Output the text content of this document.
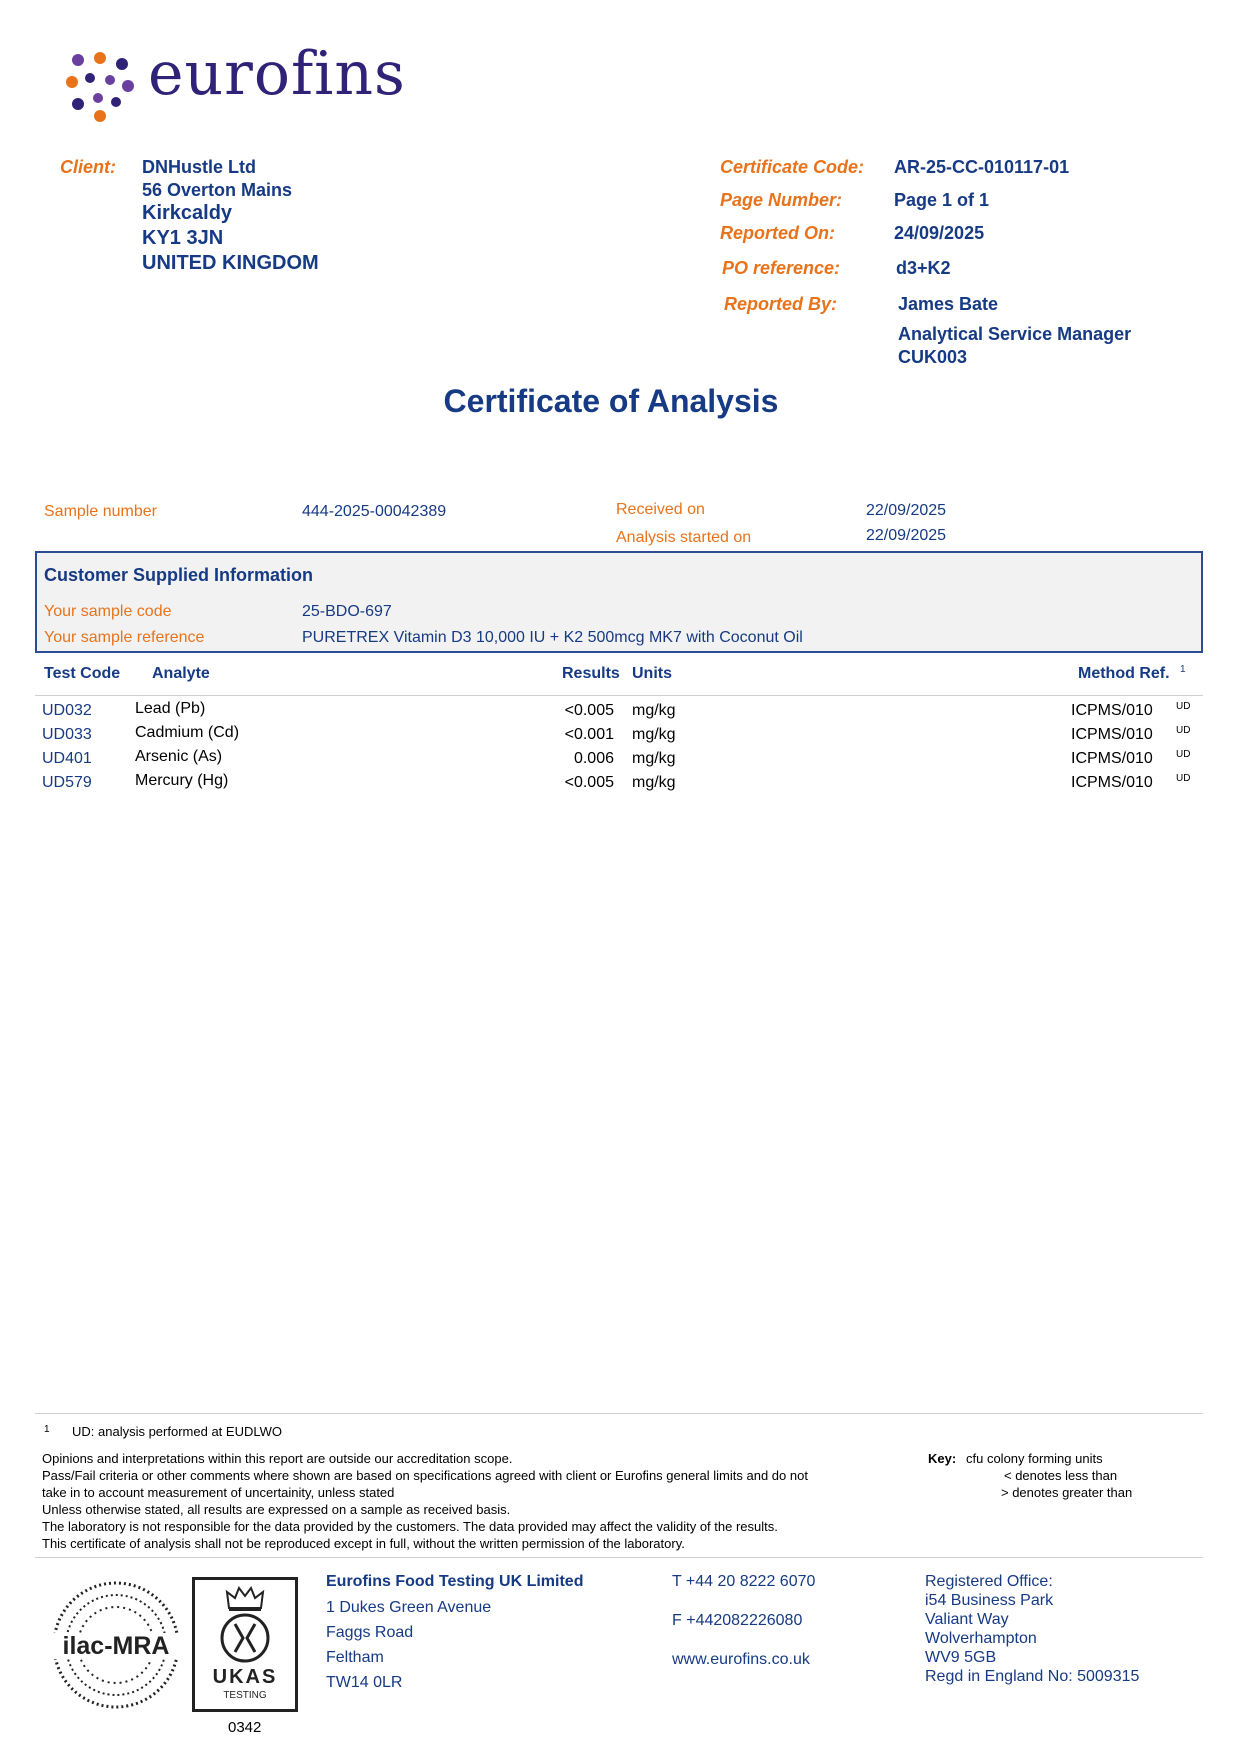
eurofins
Client: DNHustle Ltd
56 Overton Mains
Kirkcaldy
KY1 3JN
UNITED KINGDOM
Certificate Code: AR-25-CC-010117-01
Page Number:	Page 1 of 1
Reported On:	24/09/2025
PO reference:	d3+K2
Reported By:	James Bate
Analytical Service Manager
CUK003
Certificate of Analysis
Sample number	444-2025-00042389	Received on	22/09/2025
Analysis started on	22/09/2025
Customer Supplied Information
Your sample code	25-BDO-697
Your sample reference	PURETREX Vitamin D3 10,000 IU + K2 500mcg MK7 with Coconut Oil
Test Code Analyte	Results Units	Method Ref. 1
UD032	Lead (Pb)	<0.005 mg/kg	ICPMS/010 UD
UD033	Cadmium (Cd)	<0.001 mg/kg	ICPMS/010 UD
UD401	Arsenic (As)	0.006 mg/kg	ICPMS/010 UD
UD579	Mercury (Hg)	<0.005 mg/kg	ICPMS/010 UD
1 UD: analysis performed at EUDLWO
Opinions and interpretations within this report are outside our accreditation scope.
Pass/Fail criteria or other comments where shown are based on specifications agreed with client or Eurofins general limits and do not
take in to account measurement of uncertainity, unless stated
Unless otherwise stated, all results are expressed on a sample as received basis.
The laboratory is not responsible for the data provided by the customers. The data provided may affect the validity of the results.
This certificate of analysis shall not be reproduced except in full, without the written permission of the laboratory.
Key: cfu colony forming units
< denotes less than
> denotes greater than
ilac-MRA
UKAS
TESTING
0342
Eurofins Food Testing UK Limited
1 Dukes Green Avenue
Faggs Road
Feltham
TW14 0LR
T +44 20 8222 6070
F +442082226080
www.eurofins.co.uk
Registered Office:
i54 Business Park
Valiant Way
Wolverhampton
WV9 5GB
Regd in England No: 5009315
